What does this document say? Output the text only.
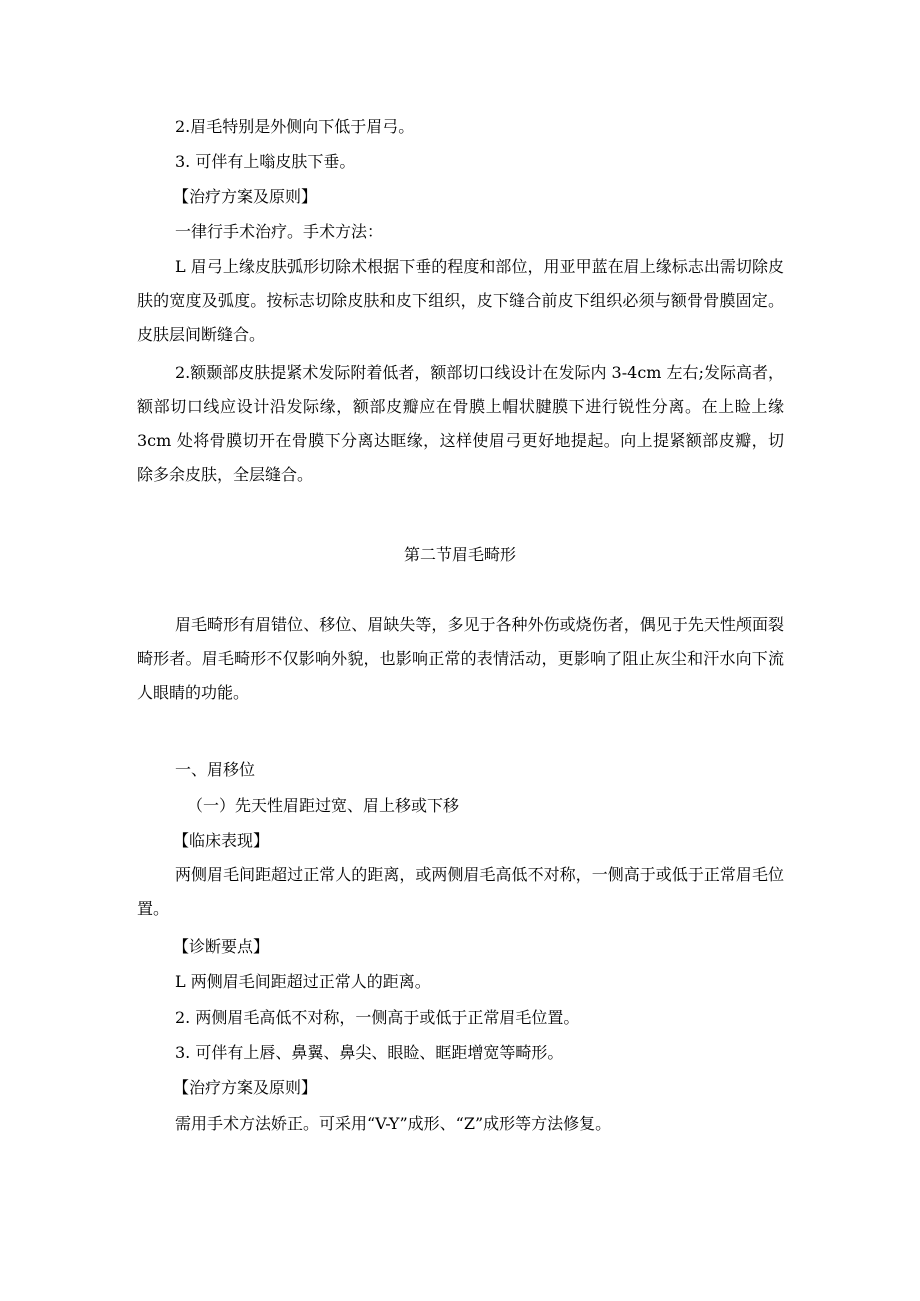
2.眉毛特别是外侧向下低于眉弓。
3. 可伴有上嗡皮肤下垂。
【治疗方案及原则】
一律行手术治疗。手术方法：
L 眉弓上缘皮肤弧形切除术根据下垂的程度和部位，用亚甲蓝在眉上缘标志出需切除皮肤的宽度及弧度。按标志切除皮肤和皮下组织，皮下缝合前皮下组织必须与额骨骨膜固定。皮肤层间断缝合。
2.额颞部皮肤提紧术发际附着低者，额部切口线设计在发际内 3-4cm 左右;发际高者，额部切口线应设计沿发际缘，额部皮瓣应在骨膜上帽状腱膜下进行锐性分离。在上睑上缘 3cm 处将骨膜切开在骨膜下分离达眶缘，这样使眉弓更好地提起。向上提紧额部皮瓣，切除多余皮肤，全层缝合。
第二节眉毛畸形
眉毛畸形有眉错位、移位、眉缺失等，多见于各种外伤或烧伤者，偶见于先天性颅面裂畸形者。眉毛畸形不仅影响外貌，也影响正常的表情活动，更影响了阻止灰尘和汗水向下流人眼睛的功能。
一、眉移位
（一）先天性眉距过宽、眉上移或下移
【临床表现】
两侧眉毛间距超过正常人的距离，或两侧眉毛高低不对称，一侧高于或低于正常眉毛位置。
【诊断要点】
L 两侧眉毛间距超过正常人的距离。
2. 两侧眉毛高低不对称，一侧高于或低于正常眉毛位置。
3. 可伴有上唇、鼻翼、鼻尖、眼睑、眶距增宽等畸形。
【治疗方案及原则】
需用手术方法娇正。可采用“V-Y”成形、“Z”成形等方法修复。
